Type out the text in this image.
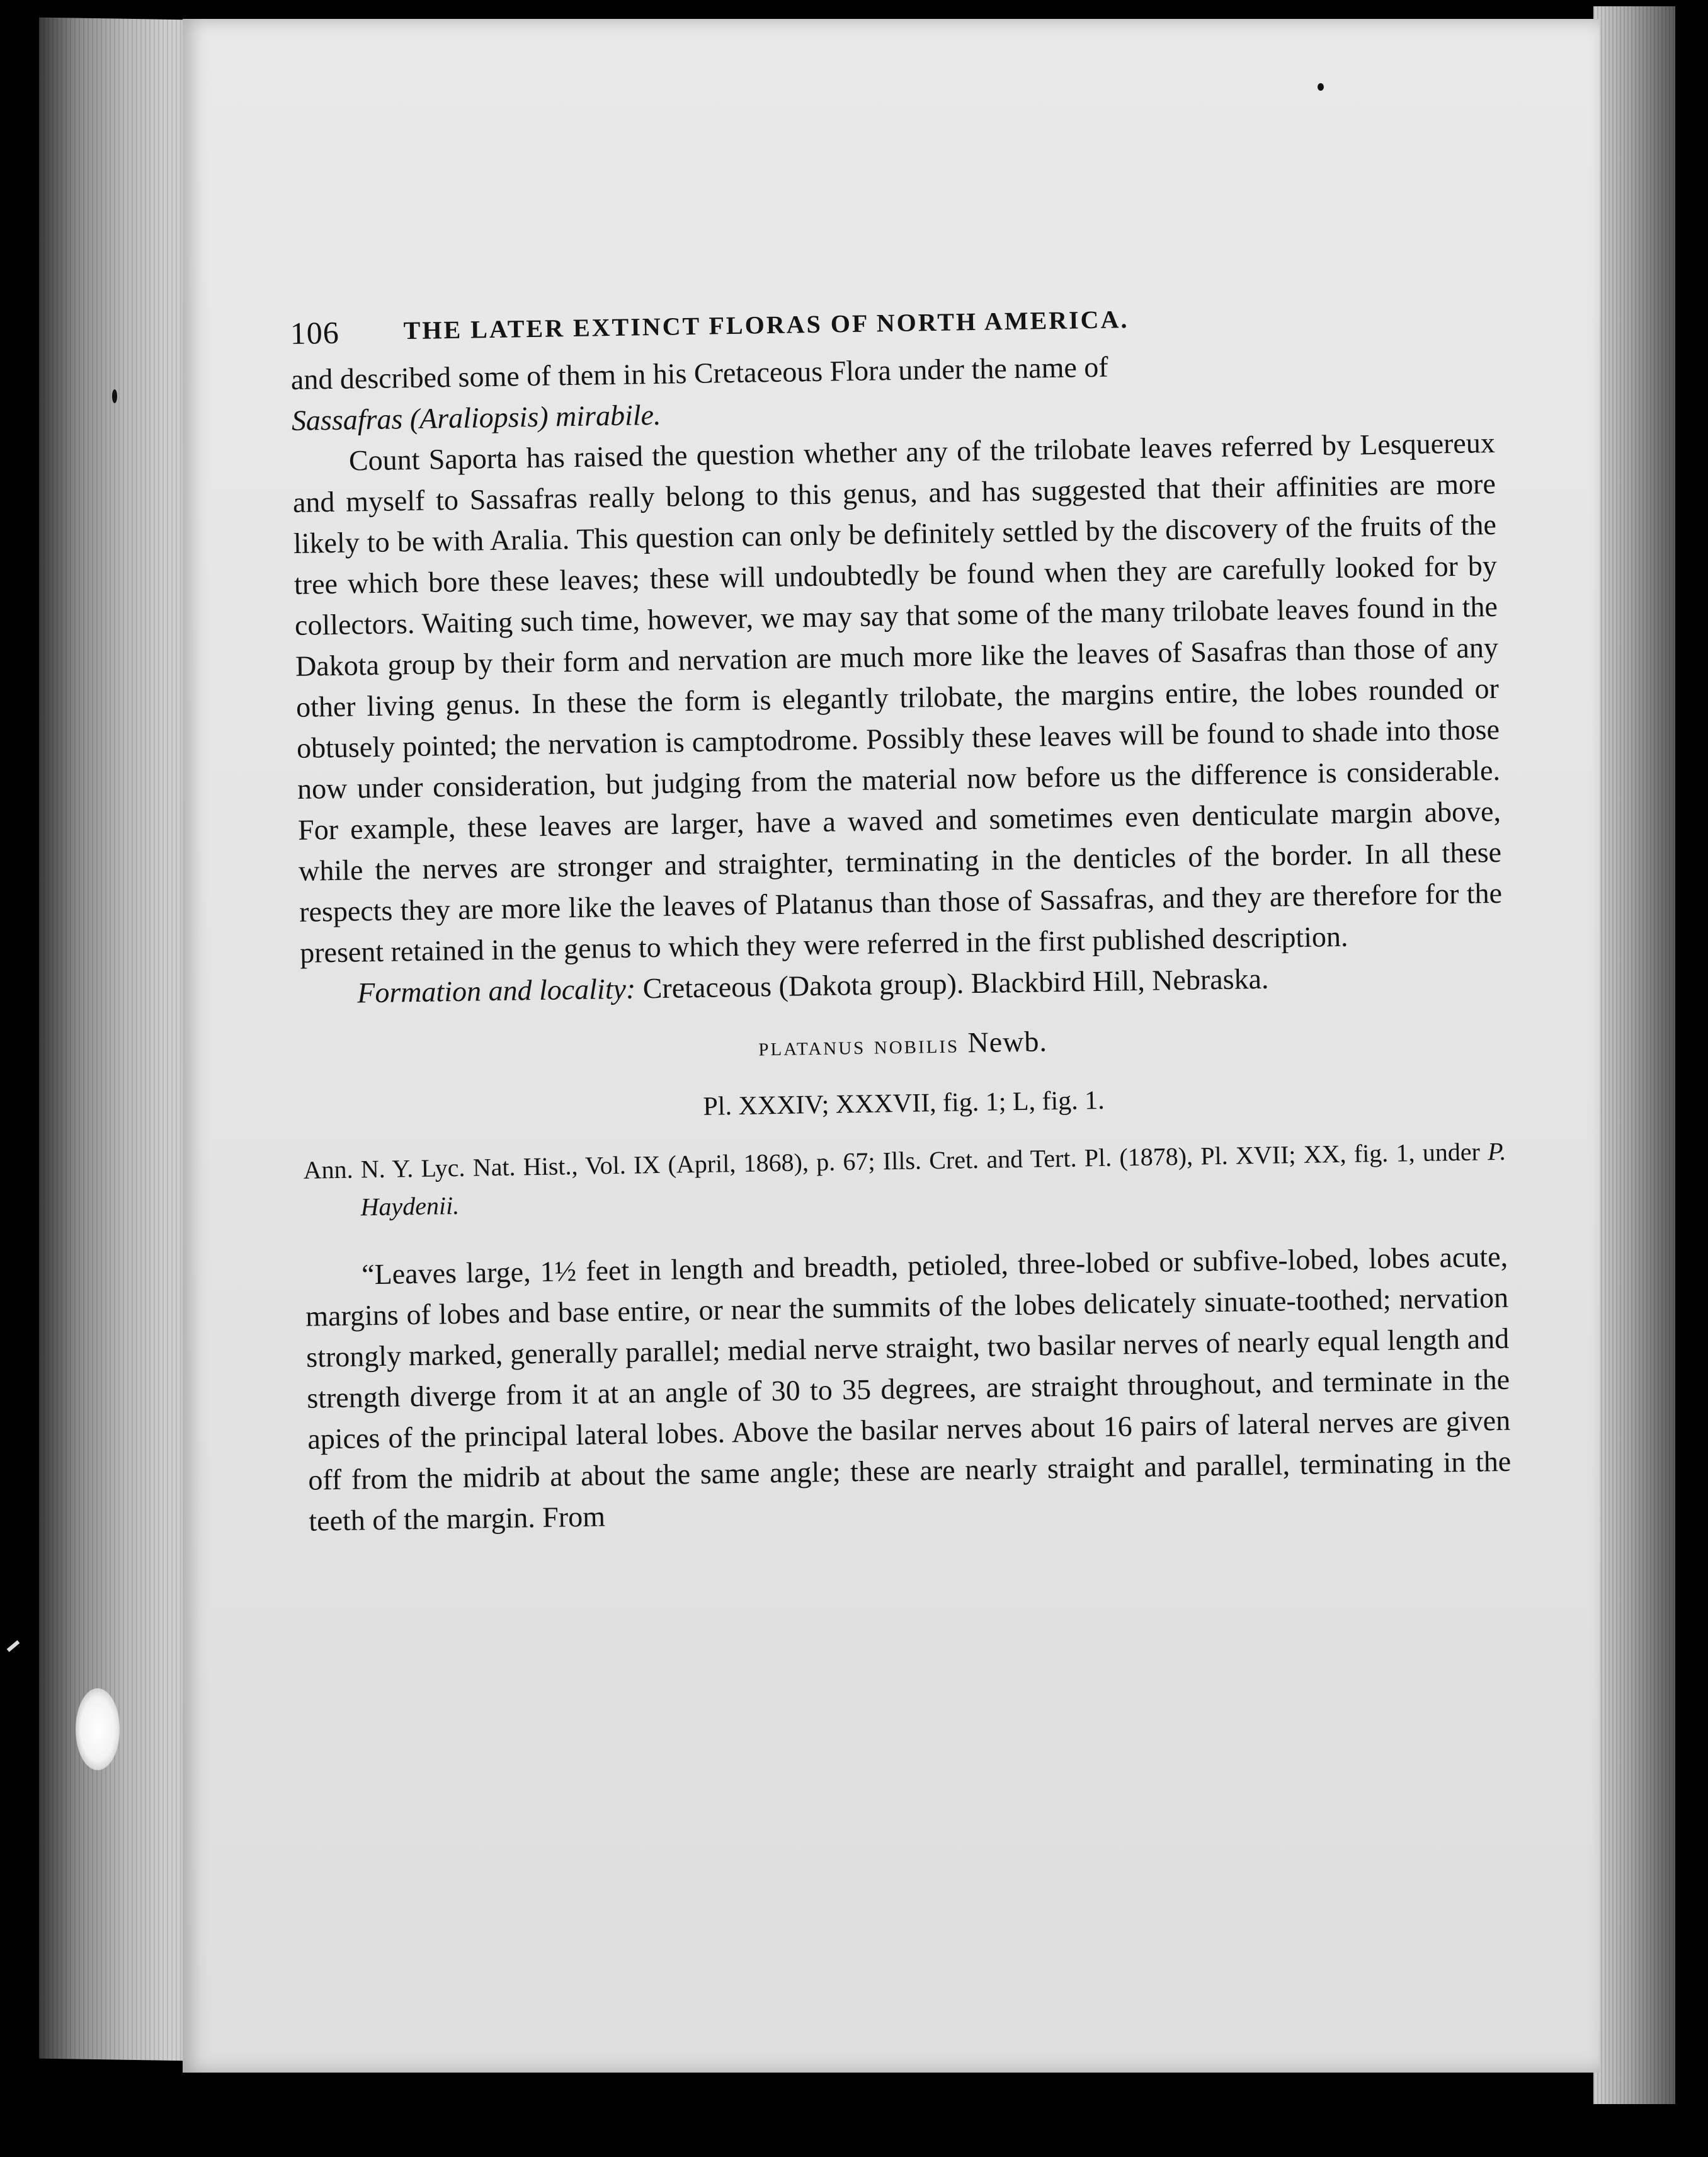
106	THE LATER EXTINCT FLORAS OF NORTH AMERICA.

and described some of them in his Cretaceous Flora under the name of
Sassafras (Araliopsis) mirabile.

Count Saporta has raised the question whether any of the trilobate leaves referred by Lesquereux and myself to Sassafras really belong to this genus, and has suggested that their affinities are more likely to be with Aralia. This question can only be definitely settled by the discovery of the fruits of the tree which bore these leaves; these will undoubtedly be found when they are carefully looked for by collectors. Waiting such time, however, we may say that some of the many trilobate leaves found in the Dakota group by their form and nervation are much more like the leaves of Sasafras than those of any other living genus. In these the form is elegantly trilobate, the margins entire, the lobes rounded or obtusely pointed; the nervation is camptodrome. Possibly these leaves will be found to shade into those now under consideration, but judging from the material now before us the difference is considerable. For example, these leaves are larger, have a waved and sometimes even denticulate margin above, while the nerves are stronger and straighter, terminating in the denticles of the border. In all these respects they are more like the leaves of Platanus than those of Sassafras, and they are therefore for the present retained in the genus to which they were referred in the first published description.

Formation and locality: Cretaceous (Dakota group). Blackbird Hill, Nebraska.

platanus nobilis Newb.
Pl. XXXIV; XXXVII, fig. 1; L, fig. 1.

Ann. N. Y. Lyc. Nat. Hist., Vol. IX (April, 1868), p. 67; Ills. Cret. and Tert. Pl. (1878), Pl. XVII; XX, fig. 1, under P. Haydenii.

“Leaves large, 1½ feet in length and breadth, petioled, three-lobed or subfive-lobed, lobes acute, margins of lobes and base entire, or near the summits of the lobes delicately sinuate-toothed; nervation strongly marked, generally parallel; medial nerve straight, two basilar nerves of nearly equal length and strength diverge from it at an angle of 30 to 35 degrees, are straight throughout, and terminate in the apices of the principal lateral lobes. Above the basilar nerves about 16 pairs of lateral nerves are given off from the midrib at about the same angle; these are nearly straight and parallel, terminating in the teeth of the margin. From
